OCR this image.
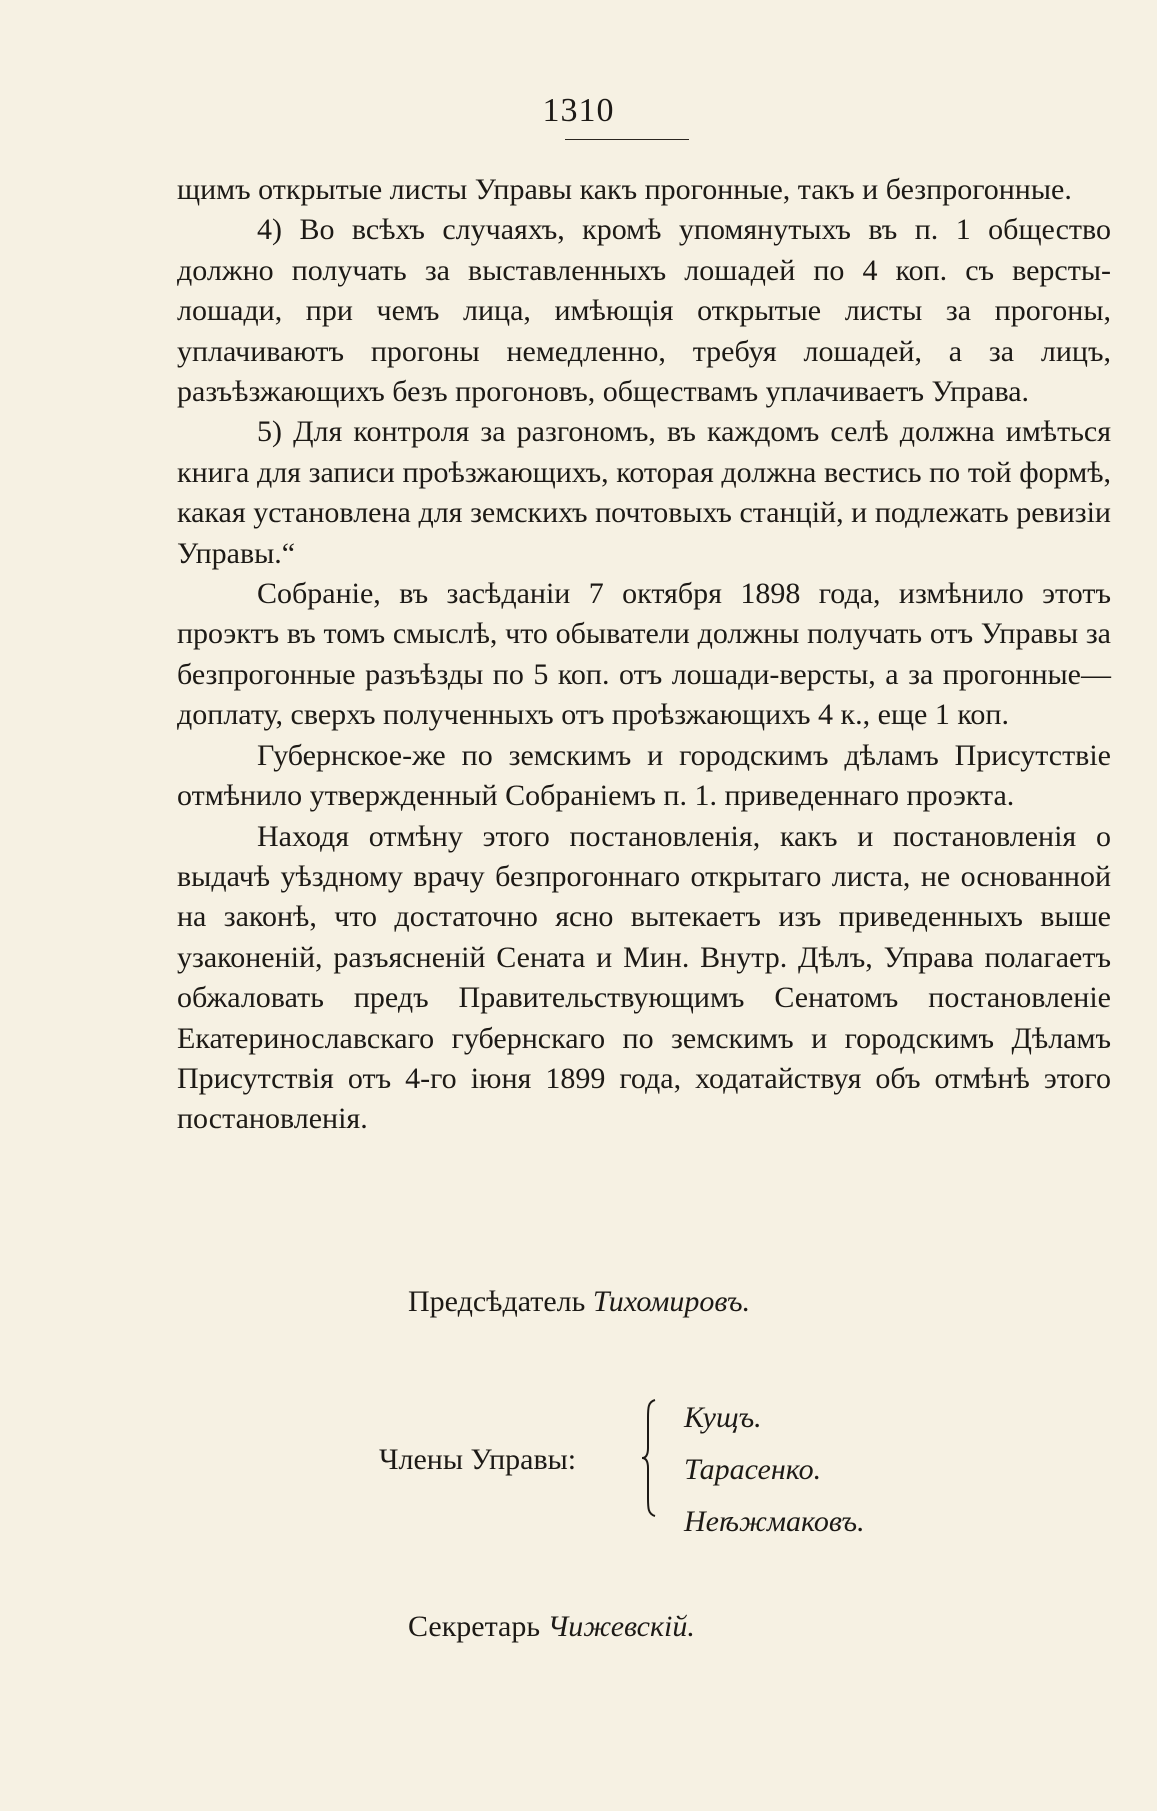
1310

щимъ открытые листы Управы какъ прогонные, такъ и безпрогонные.

4) Во всѣхъ случаяхъ, кромѣ упомянутыхъ въ п. 1 общество должно получать за выставленныхъ лошадей по 4 коп. съ версты-лошади, при чемъ лица, имѣющія открытые листы за прогоны, уплачиваютъ прогоны немедленно, требуя лошадей, а за лицъ, разъѣзжающихъ безъ прогоновъ, обществамъ уплачиваетъ Управа.

5) Для контроля за разгономъ, въ каждомъ селѣ должна имѣться книга для записи проѣзжающихъ, которая должна вестись по той формѣ, какая установлена для земскихъ почтовыхъ станцій, и подлежать ревизіи Управы.“

Собраніе, въ засѣданіи 7 октября 1898 года, измѣнило этотъ проэктъ въ томъ смыслѣ, что обыватели должны получать отъ Управы за безпрогонные разъѣзды по 5 коп. отъ лошади-версты, а за прогонные—доплату, сверхъ полученныхъ отъ проѣзжающихъ 4 к., еще 1 коп.

Губернское-же по земскимъ и городскимъ дѣламъ Присутствіе отмѣнило утвержденный Собраніемъ п. 1. приведеннаго проэкта.

Находя отмѣну этого постановленія, какъ и постановленія о выдачѣ уѣздному врачу безпрогоннаго открытаго листа, не основанной на законѣ, что достаточно ясно вытекаетъ изъ приведенныхъ выше узаконеній, разъясненій Сената и Мин. Внутр. Дѣлъ, Управа полагаетъ обжаловать предъ Правительствующимъ Сенатомъ постановленіе Екатеринославскаго губернскаго по земскимъ и городскимъ Дѣламъ Присутствія отъ 4-го іюня 1899 года, ходатайствуя объ отмѣнѣ этого постановленія.

Предсѣдатель Тихомировъ.
Члены Управы:
Кущъ.
Тарасенко.
Неѣжмаковъ.
Секретарь Чижевскій.
